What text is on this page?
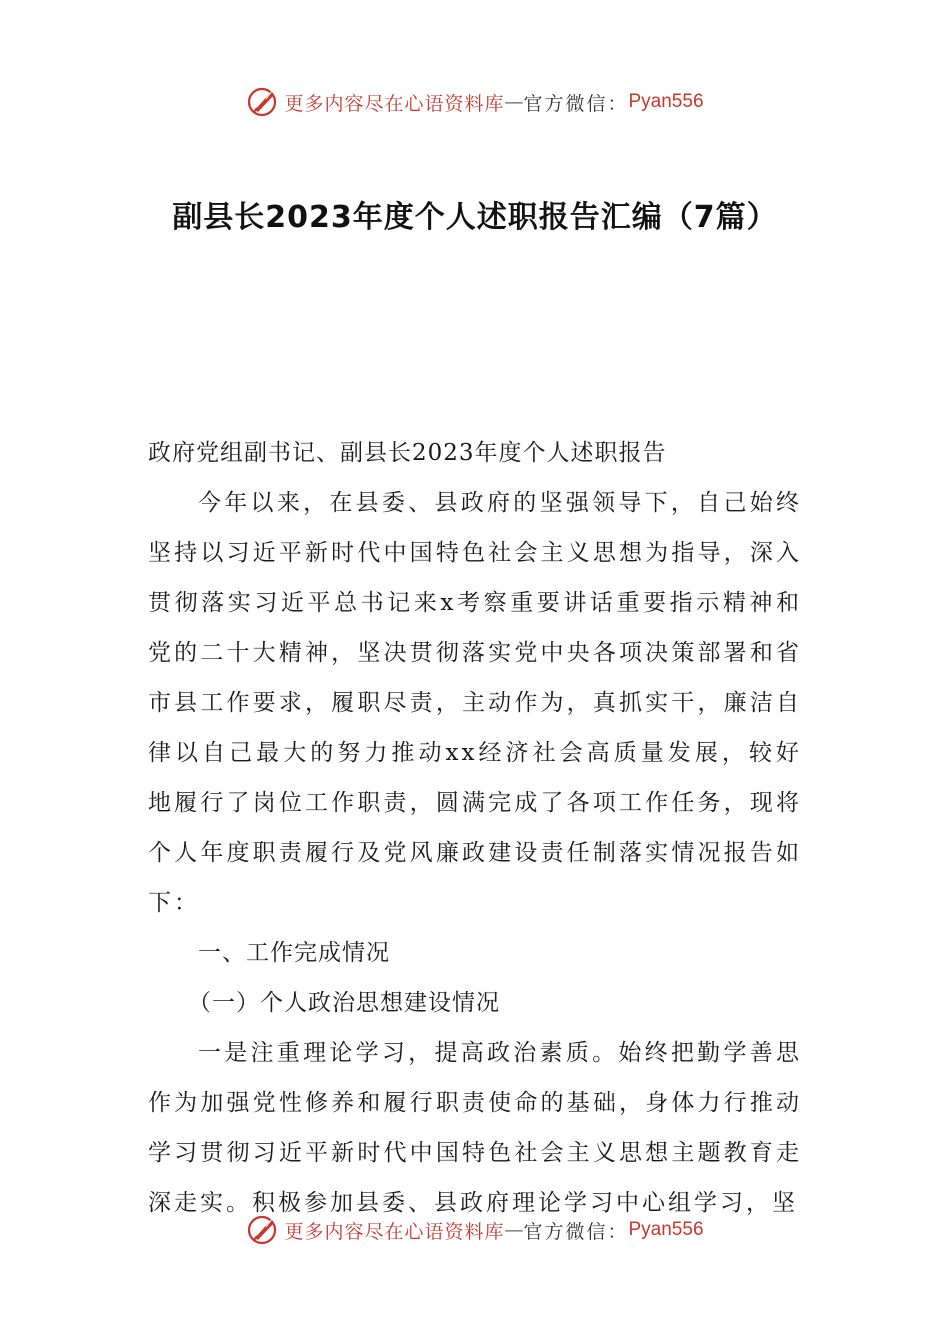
更多内容尽在心语资料库 — 官方微信： Pyan556
副县长2023年度个人述职报告汇编（7篇）

政府党组副书记、副县长2023年度个人述职报告

今年以来，在县委、县政府的坚强领导下，自己始终坚持以习近平新时代中国特色社会主义思想为指导，深入贯彻落实习近平总书记来x考察重要讲话重要指示精神和党的二十大精神，坚决贯彻落实党中央各项决策部署和省市县工作要求，履职尽责，主动作为，真抓实干，廉洁自律以自己最大的努力推动xx经济社会高质量发展，较好地履行了岗位工作职责，圆满完成了各项工作任务，现将个人年度职责履行及党风廉政建设责任制落实情况报告如下：

一、工作完成情况

（一）个人政治思想建设情况

一是注重理论学习，提高政治素质。始终把勤学善思作为加强党性修养和履行职责使命的基础，身体力行推动学习贯彻习近平新时代中国特色社会主义思想主题教育走深走实。积极参加县委、县政府理论学习中心组学习，坚

更多内容尽在心语资料库 — 官方微信： Pyan556
